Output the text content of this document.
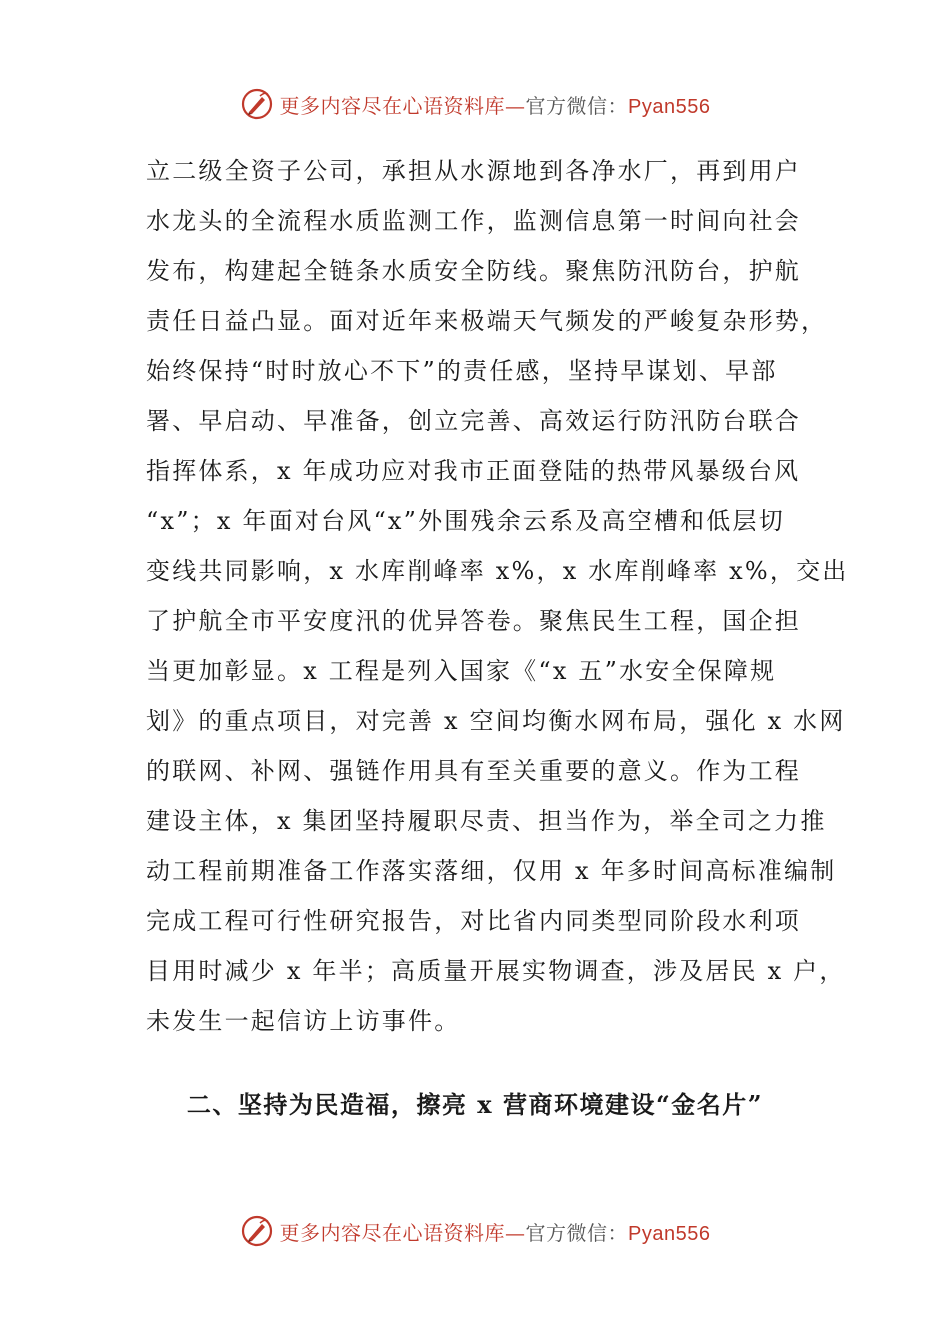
更多内容尽在心语资料库—官方微信：Pyan556
立二级全资子公司，承担从水源地到各净水厂，再到用户
水龙头的全流程水质监测工作，监测信息第一时间向社会
发布，构建起全链条水质安全防线。聚焦防汛防台，护航
责任日益凸显。面对近年来极端天气频发的严峻复杂形势，
始终保持“时时放心不下”的责任感，坚持早谋划、早部
署、早启动、早准备，创立完善、高效运行防汛防台联合
指挥体系，x 年成功应对我市正面登陆的热带风暴级台风
“x”；x 年面对台风“x”外围残余云系及高空槽和低层切
变线共同影响，x 水库削峰率 x%，x 水库削峰率 x%，交出
了护航全市平安度汛的优异答卷。聚焦民生工程，国企担
当更加彰显。x 工程是列入国家《“x 五”水安全保障规
划》的重点项目，对完善 x 空间均衡水网布局，强化 x 水网
的联网、补网、强链作用具有至关重要的意义。作为工程
建设主体，x 集团坚持履职尽责、担当作为，举全司之力推
动工程前期准备工作落实落细，仅用 x 年多时间高标准编制
完成工程可行性研究报告，对比省内同类型同阶段水利项
目用时减少 x 年半；高质量开展实物调查，涉及居民 x 户，
未发生一起信访上访事件。
二、坚持为民造福，擦亮 x 营商环境建设“金名片”
更多内容尽在心语资料库—官方微信：Pyan556
